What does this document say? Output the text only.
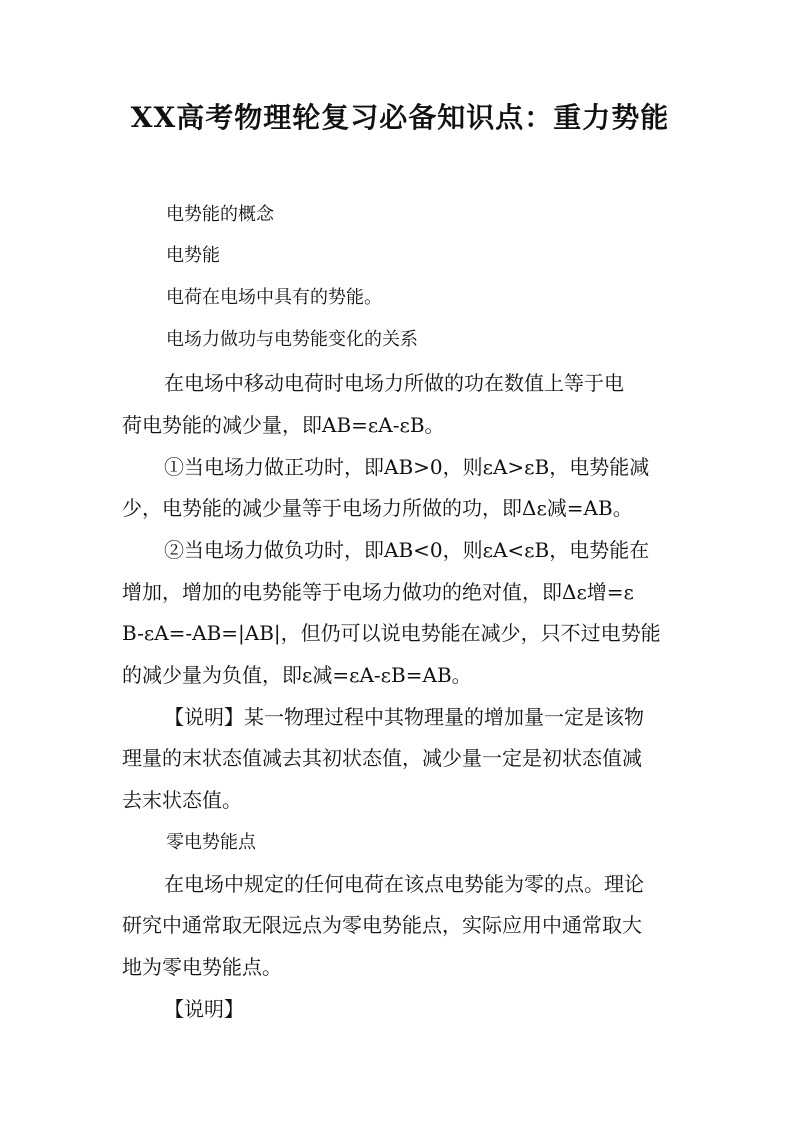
XX高考物理轮复习必备知识点：重力势能
电势能的概念
电势能
电荷在电场中具有的势能。
电场力做功与电势能变化的关系
在电场中移动电荷时电场力所做的功在数值上等于电
荷电势能的减少量，即AB=εA-εB。
①当电场力做正功时，即AB>0，则εA>εB，电势能减
少，电势能的减少量等于电场力所做的功，即Δε减=AB。
②当电场力做负功时，即AB<0，则εA<εB，电势能在
增加，增加的电势能等于电场力做功的绝对值，即Δε增=ε
B-εA=-AB=|AB|，但仍可以说电势能在减少，只不过电势能
的减少量为负值，即ε减=εA-εB=AB。
【说明】某一物理过程中其物理量的增加量一定是该物
理量的末状态值减去其初状态值，减少量一定是初状态值减
去末状态值。
零电势能点
在电场中规定的任何电荷在该点电势能为零的点。理论
研究中通常取无限远点为零电势能点，实际应用中通常取大
地为零电势能点。
【说明】
